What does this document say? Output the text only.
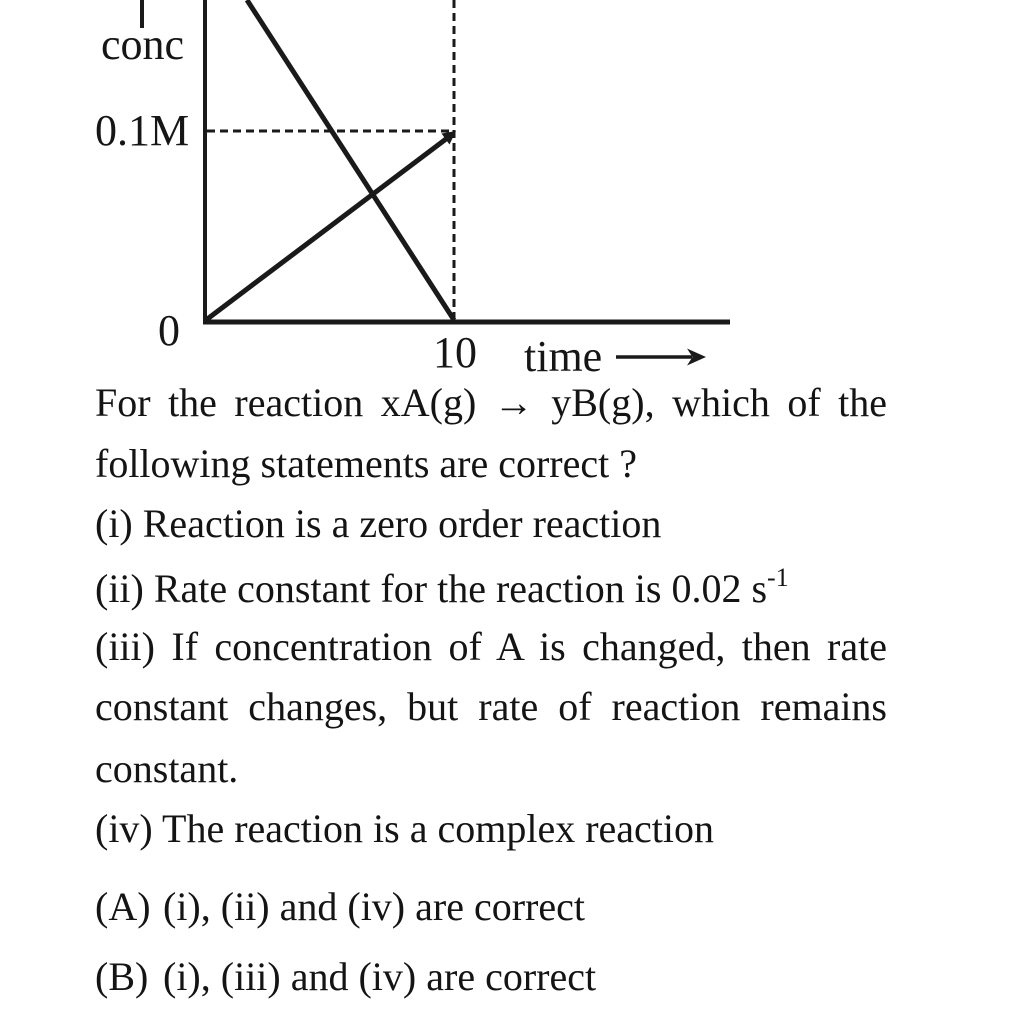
conc
0.1M
0	10 time
For the reaction xA(g) → yB(g), which of the
following statements are correct ?
(i) Reaction is a zero order reaction
(ii) Rate constant for the reaction is 0.02 $s^{-1}$
(iii) If concentration of A is changed, then rate
constant changes, but rate of reaction remains
constant.
(iv) The reaction is a complex reaction
(A) (i), (ii) and (iv) are correct
(B) (i), (iii) and (iv) are correct
